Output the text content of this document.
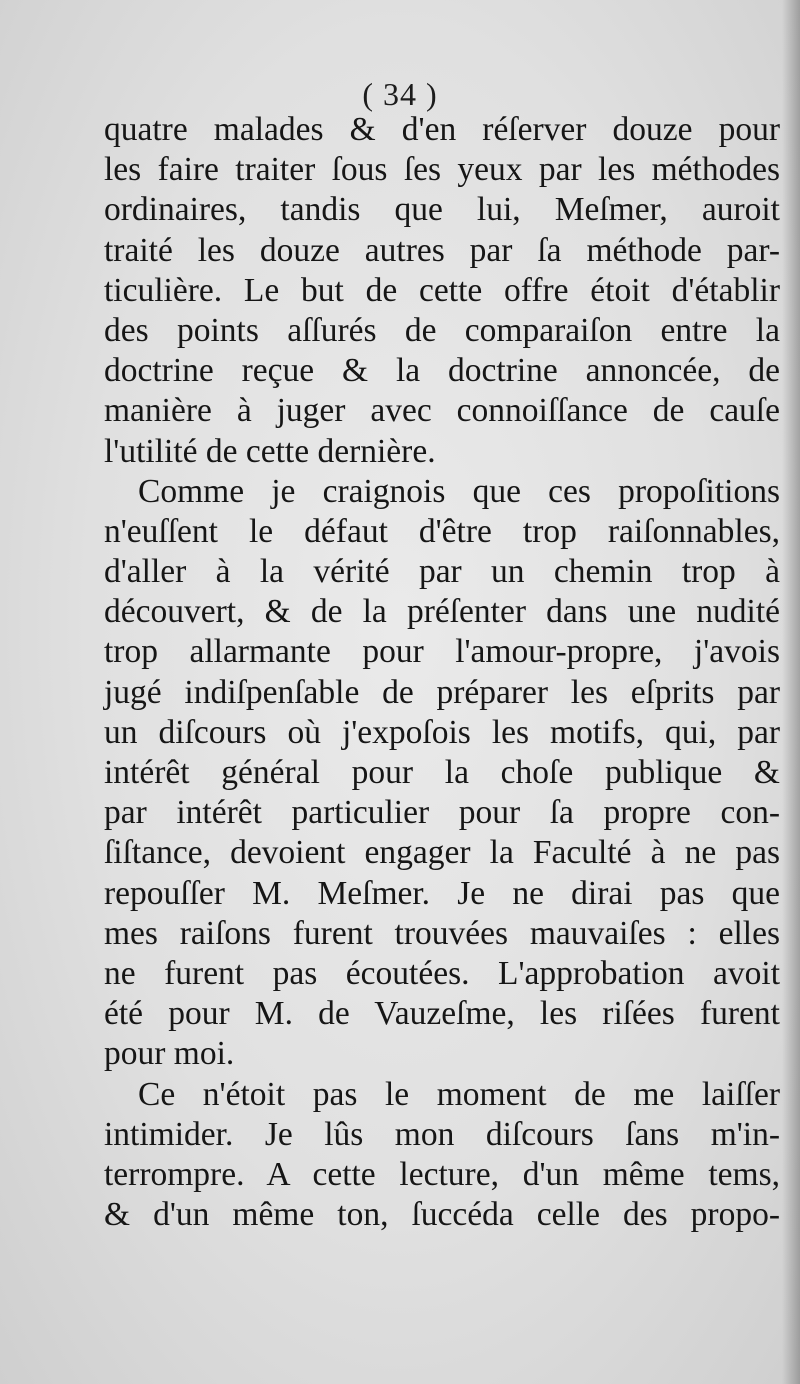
( 34 )
quatre malades & d'en réſerver douze pour
les faire traiter ſous ſes yeux par les méthodes
ordinaires, tandis que lui, Meſmer, auroit
traité les douze autres par ſa méthode par-
ticulière. Le but de cette offre étoit d'établir
des points aſſurés de comparaiſon entre la
doctrine reçue & la doctrine annoncée, de
manière à juger avec connoiſſance de cauſe
l'utilité de cette dernière.
Comme je craignois que ces propoſitions
n'euſſent le défaut d'être trop raiſonnables,
d'aller à la vérité par un chemin trop à
découvert, & de la préſenter dans une nudité
trop allarmante pour l'amour-propre, j'avois
jugé indiſpenſable de préparer les eſprits par
un diſcours où j'expoſois les motifs, qui, par
intérêt général pour la choſe publique &
par intérêt particulier pour ſa propre con-
ſiſtance, devoient engager la Faculté à ne pas
repouſſer M. Meſmer. Je ne dirai pas que
mes raiſons furent trouvées mauvaiſes : elles
ne furent pas écoutées. L'approbation avoit
été pour M. de Vauzeſme, les riſées furent
pour moi.
Ce n'étoit pas le moment de me laiſſer
intimider. Je lûs mon diſcours ſans m'in-
terrompre. A cette lecture, d'un même tems,
& d'un même ton, ſuccéda celle des propo-
